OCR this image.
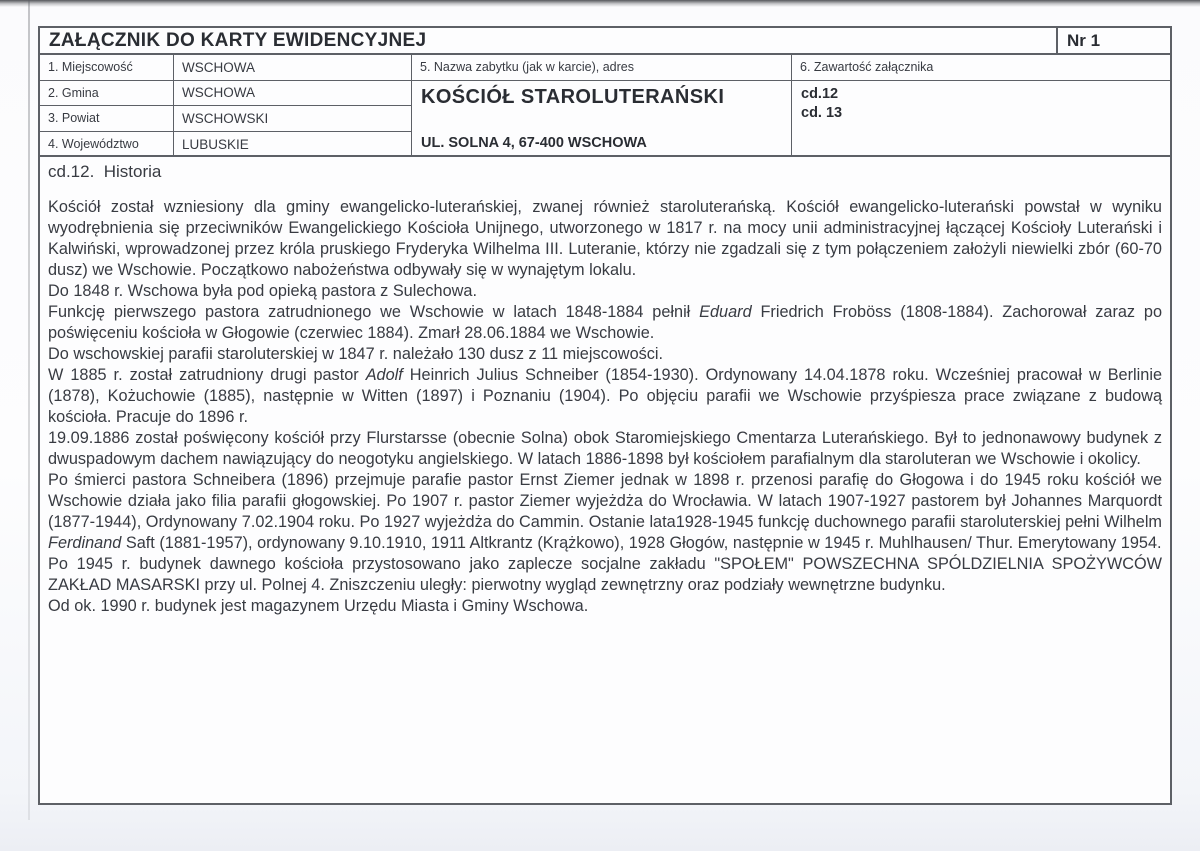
ZAŁĄCZNIK DO KARTY EWIDENCYJNEJ	Nr 1
1. Miejscowość	WSCHOWA
2. Gmina	WSCHOWA
3. Powiat	WSCHOWSKI
4. Województwo	LUBUSKIE
5. Nazwa zabytku (jak w karcie), adres
KOŚCIÓŁ STAROLUTERAŃSKI
UL. SOLNA 4, 67-400 WSCHOWA
6. Zawartość załącznika
cd.12
cd. 13

cd.12.  Historia

Kościół został wzniesiony dla gminy ewangelicko-luterańskiej, zwanej również staroluterańską. Kościół ewangelicko-luterański powstał w wyniku wyodrębnienia się przeciwników Ewangelickiego Kościoła Unijnego, utworzonego w 1817 r. na mocy unii administracyjnej łączącej Kościoły Luterański i Kalwiński, wprowadzonej przez króla pruskiego Fryderyka Wilhelma III. Luteranie, którzy nie zgadzali się z tym połączeniem założyli niewielki zbór (60-70 dusz) we Wschowie. Początkowo nabożeństwa odbywały się w wynajętym lokalu.

Do 1848 r. Wschowa była pod opieką pastora z Sulechowa.

Funkcję pierwszego pastora zatrudnionego we Wschowie w latach 1848-1884 pełnił Eduard Friedrich Froböss (1808-1884). Zachorował zaraz po poświęceniu kościoła w Głogowie (czerwiec 1884). Zmarł 28.06.1884 we Wschowie.

Do wschowskiej parafii staroluterskiej w 1847 r. należało 130 dusz z 11 miejscowości.

W 1885 r. został zatrudniony drugi pastor Adolf Heinrich Julius Schneiber (1854-1930). Ordynowany 14.04.1878 roku. Wcześniej pracował w Berlinie (1878), Kożuchowie (1885), następnie w Witten (1897) i Poznaniu (1904). Po objęciu parafii we Wschowie przyśpiesza prace związane z budową kościoła. Pracuje do 1896 r.

19.09.1886 został poświęcony kościół przy Flurstarsse (obecnie Solna) obok Staromiejskiego Cmentarza Luterańskiego. Był to jednonawowy budynek z dwuspadowym dachem nawiązujący do neogotyku angielskiego. W latach 1886-1898 był kościołem parafialnym dla staroluteran we Wschowie i okolicy.

Po śmierci pastora Schneibera (1896) przejmuje parafie pastor Ernst Ziemer jednak w 1898 r. przenosi parafię do Głogowa i do 1945 roku kościół we Wschowie działa jako filia parafii głogowskiej. Po 1907 r. pastor Ziemer wyjeżdża do Wrocławia. W latach 1907-1927 pastorem był Johannes Marquordt (1877-1944), Ordynowany 7.02.1904 roku. Po 1927 wyjeżdża do Cammin. Ostanie lata1928-1945 funkcję duchownego parafii staroluterskiej pełni Wilhelm Ferdinand Saft (1881-1957), ordynowany 9.10.1910, 1911 Altkrantz (Krążkowo), 1928 Głogów, następnie w 1945 r. Muhlhausen/ Thur. Emerytowany 1954.

Po 1945 r. budynek dawnego kościoła przystosowano jako zaplecze socjalne zakładu "SPOŁEM" POWSZECHNA SPÓLDZIELNIA SPOŻYWCÓW ZAKŁAD MASARSKI przy ul. Polnej 4. Zniszczeniu uległy: pierwotny wygląd zewnętrzny oraz podziały wewnętrzne budynku.

Od ok. 1990 r. budynek jest magazynem Urzędu Miasta i Gminy Wschowa.
